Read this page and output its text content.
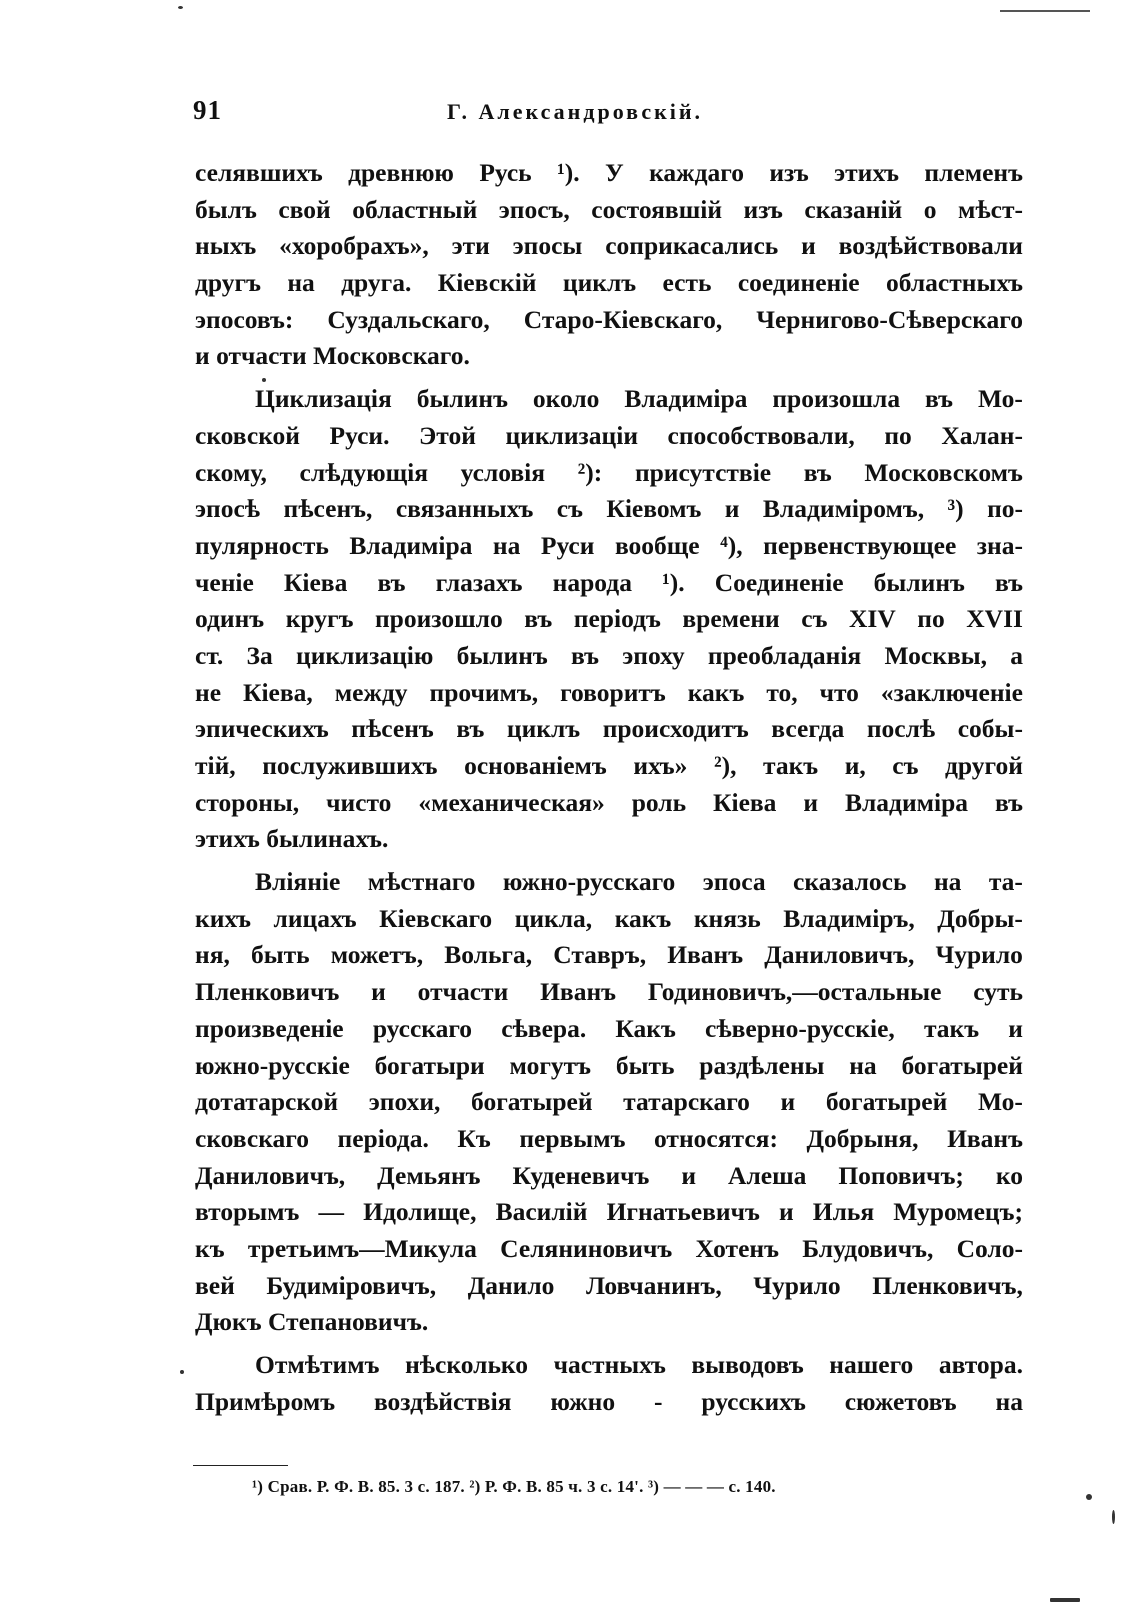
91	Г. Александровскій.
селявшихъ древнюю Русь ¹). У каждаго изъ этихъ племенъ
былъ свой областный эпосъ, состоявшій изъ сказаній о мѣст-
ныхъ «хоробрахъ», эти эпосы соприкасались и воздѣйствовали
другъ на друга. Кіевскій циклъ есть соединеніе областныхъ
эпосовъ: Суздальскаго, Старо-Кіевскаго, Черниговo-Сѣверскаго
и отчасти Московскаго.
Циклизація былинъ около Владиміра произошла въ Мо-
сковской Руси. Этой циклизаціи способствовали, по Халан-
скому, слѣдующія условія ²): присутствіе въ Московскомъ
эпосѣ пѣсенъ, связанныхъ съ Кіевомъ и Владиміромъ, ³) по-
пулярность Владиміра на Руси вообще ⁴), первенствующее зна-
ченіе Кіева въ глазахъ народа ¹). Соединеніе былинъ въ
одинъ кругъ произошло въ періодъ времени съ XIV по XVII
ст. За циклизацію былинъ въ эпоху преобладанія Москвы, а
не Кіева, между прочимъ, говоритъ какъ то, что «заключеніе
эпическихъ пѣсенъ въ циклъ происходитъ всегда послѣ собы-
тій, послужившихъ основаніемъ ихъ» ²), такъ и, съ другой
стороны, чисто «механическая» роль Кіева и Владиміра въ
этихъ былинахъ.
Вліяніе мѣстнаго южно-русскаго эпоса сказалось на та-
кихъ лицахъ Кіевскаго цикла, какъ князь Владиміръ, Добры-
ня, быть можетъ, Вольга, Ставръ, Иванъ Даниловичъ, Чурило
Пленковичъ и отчасти Иванъ Годиновичъ,—остальные суть
произведеніе русскаго сѣвера. Какъ сѣверно-русскіе, такъ и
южно-русскіе богатыри могутъ быть раздѣлены на богатырей
дотатарской эпохи, богатырей татарскаго и богатырей Мо-
сковскаго періода. Къ первымъ относятся: Добрыня, Иванъ
Даниловичъ, Демьянъ Куденевичъ и Алеша Поповичъ; ко
вторымъ — Идолище, Василій Игнатьевичъ и Илья Муромецъ;
къ третьимъ—Микула Селяниновичъ Хотенъ Блудовичъ, Соло-
вей Будиміровичъ, Данило Ловчанинъ, Чурило Пленковичъ,
Дюкъ Степановичъ.
Отмѣтимъ нѣсколько частныхъ выводовъ нашего автора.
Примѣромъ воздѣйствія южно - русскихъ сюжетовъ на
¹) Срав. Р. Ф. В. 85. 3 с. 187. ²) Р. Ф. В. 85 ч. 3 с. 14'. ³) — — — с. 140.
